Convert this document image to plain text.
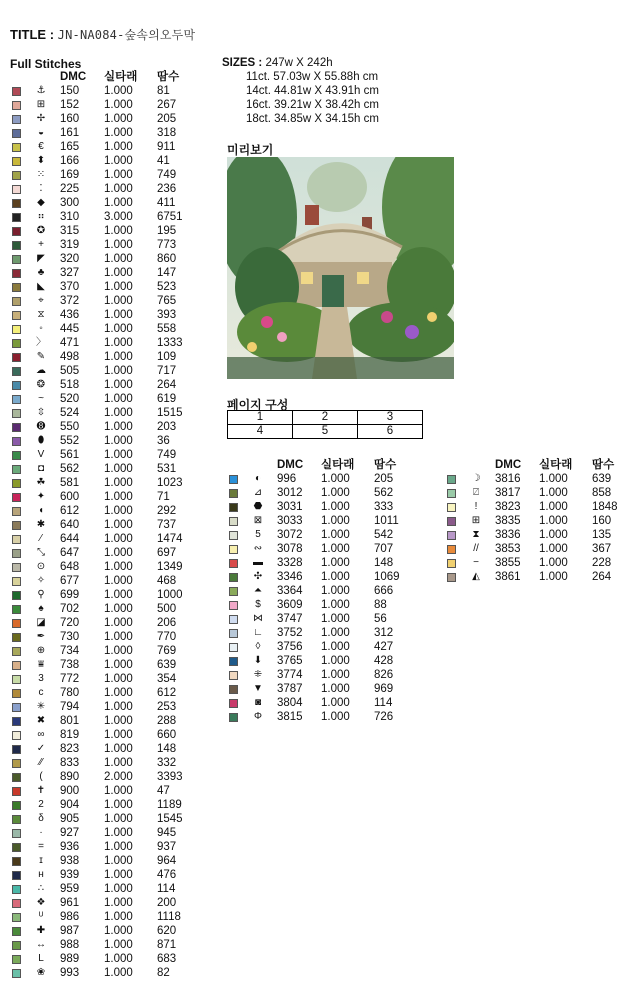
TITLE : JN-NA084-숲속의오두막
Full Stitches
DMC 실타래 땀수
⚓ 150 1.000 81
⊞ 152 1.000 267
✢ 160 1.000 205
◒	161 1.000 318
€	165 1.000 911
⬍ 166 1.000 41
⁙ 169 1.000 749
⁚	225 1.000 236
◆ 300 1.000 411
⠶ 310 3.000 6751
✪ 315 1.000 195
+	319 1.000 773
◤ 320 1.000 860
♣	327 1.000 147
◣ 370 1.000 523
⌖	372 1.000 765
⧖	436 1.000 393
◦	445 1.000 558
〉 471 1.000 1333
✎ 498 1.000 109
☁ 505 1.000 717
❂ 518 1.000 264
~	520 1.000 619
⇳ 524 1.000 1515
➑ 550 1.000 203
⬮	552 1.000 36
V	561 1.000 749
◘	562 1.000 531
☘ 581 1.000 1023
✦ 600 1.000 71
◖	612 1.000 292
✱ 640 1.000 737
⁄	644 1.000 1474
⤡ 647 1.000 697
⊙ 648 1.000 1349
✧ 677 1.000 468
⚲ 699 1.000 1000
♠	702 1.000 500
◪ 720 1.000 206
✒ 730 1.000 770
⊕ 734 1.000 769
⩸	738 1.000 639
3	772 1.000 354
c	780 1.000 612
✳ 794 1.000 253
✖ 801 1.000 288
∞ 819 1.000 660
✓ 823 1.000 148
⁄⁄	833 1.000 332
(	890 2.000 3393
✝ 900 1.000 47
2	904 1.000 1189
δ	905 1.000 1545
·	927 1.000 945
=	936 1.000 937
ɪ	938 1.000 964
ʜ	939 1.000 476
∴	959 1.000 114
❖ 961 1.000 200
ᵁ	986 1.000 1118
✚ 987 1.000 620
↔ 988 1.000 871
L	989 1.000 683
❀ 993 1.000 82
SIZES : 247w X 242h
11ct. 57.03w X 55.88h cm
14ct. 44.81w X 43.91h cm
16ct. 39.21w X 38.42h cm
18ct. 34.85w X 34.15h cm
미리보기
페이지 구성
1	2	3
4	5	6
DMC 실타래 땀수
◐	996 1.000 205
⊿ 3012 1.000 562
⬣ 3031 1.000 333
⊠ 3033 1.000 1011
5	3072 1.000 542
∾ 3078 1.000 707
▬ 3328 1.000 148
✣ 3346 1.000 1069
⏶ 3364 1.000 666
$	3609 1.000 88
⋈ 3747 1.000 56
∟ 3752 1.000 312
◊	3756 1.000 427
⬇ 3765 1.000 428
⁜ 3774 1.000 826
▼ 3787 1.000 969
◙	3804 1.000 114
Φ 3815 1.000 726
DMC 실타래 땀수
☽ 3816 1.000 639
⍁	3817 1.000 858
ǃ	3823 1.000 1848
⊞ 3835 1.000 160
⧗	3836 1.000 135
//	3853 1.000 367
−	3855 1.000 228
◭ 3861 1.000 264
